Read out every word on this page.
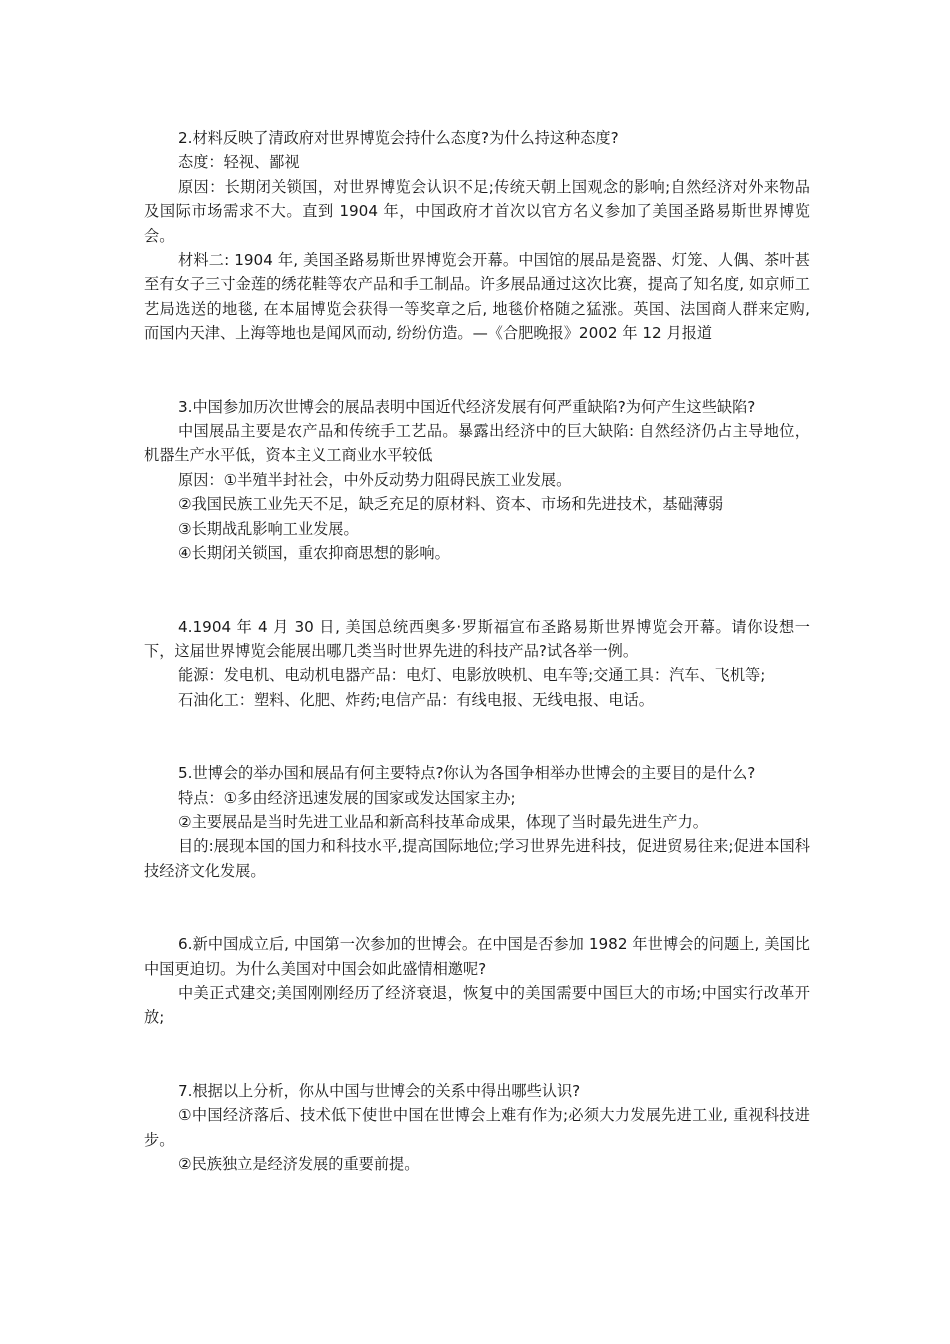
2.材料反映了清政府对世界博览会持什么态度?为什么持这种态度?

态度：轻视、鄙视

原因：长期闭关锁国，对世界博览会认识不足;传统天朝上国观念的影响;自然经济对外来物品及国际市场需求不大。直到 1904 年，中国政府才首次以官方名义参加了美国圣路易斯世界博览会。

材料二: 1904 年, 美国圣路易斯世界博览会开幕。中国馆的展品是瓷器、灯笼、人偶、茶叶甚至有女子三寸金莲的绣花鞋等农产品和手工制品。许多展品通过这次比赛，提高了知名度, 如京师工艺局选送的地毯, 在本届博览会获得一等奖章之后, 地毯价格随之猛涨。英国、法国商人群来定购, 而国内天津、上海等地也是闻风而动, 纷纷仿造。—《合肥晚报》2002 年 12 月报道

3.中国参加历次世博会的展品表明中国近代经济发展有何严重缺陷?为何产生这些缺陷?

中国展品主要是农产品和传统手工艺品。暴露出经济中的巨大缺陷: 自然经济仍占主导地位，机器生产水平低，资本主义工商业水平较低

原因：①半殖半封社会，中外反动势力阻碍民族工业发展。

②我国民族工业先天不足，缺乏充足的原材料、资本、市场和先进技术，基础薄弱

③长期战乱影响工业发展。

④长期闭关锁国，重农抑商思想的影响。

4.1904 年 4 月 30 日, 美国总统西奥多·罗斯福宣布圣路易斯世界博览会开幕。请你设想一下，这届世界博览会能展出哪几类当时世界先进的科技产品?试各举一例。

能源：发电机、电动机电器产品：电灯、电影放映机、电车等;交通工具：汽车、飞机等;

石油化工：塑料、化肥、炸药;电信产品：有线电报、无线电报、电话。

5.世博会的举办国和展品有何主要特点?你认为各国争相举办世博会的主要目的是什么?

特点：①多由经济迅速发展的国家或发达国家主办;

②主要展品是当时先进工业品和新高科技革命成果，体现了当时最先进生产力。

目的:展现本国的国力和科技水平,提高国际地位;学习世界先进科技，促进贸易往来;促进本国科技经济文化发展。

6.新中国成立后, 中国第一次参加的世博会。在中国是否参加 1982 年世博会的问题上, 美国比中国更迫切。为什么美国对中国会如此盛情相邀呢?

中美正式建交;美国刚刚经历了经济衰退，恢复中的美国需要中国巨大的市场;中国实行改革开放;

7.根据以上分析，你从中国与世博会的关系中得出哪些认识?

①中国经济落后、技术低下使世中国在世博会上难有作为;必须大力发展先进工业, 重视科技进步。

②民族独立是经济发展的重要前提。
